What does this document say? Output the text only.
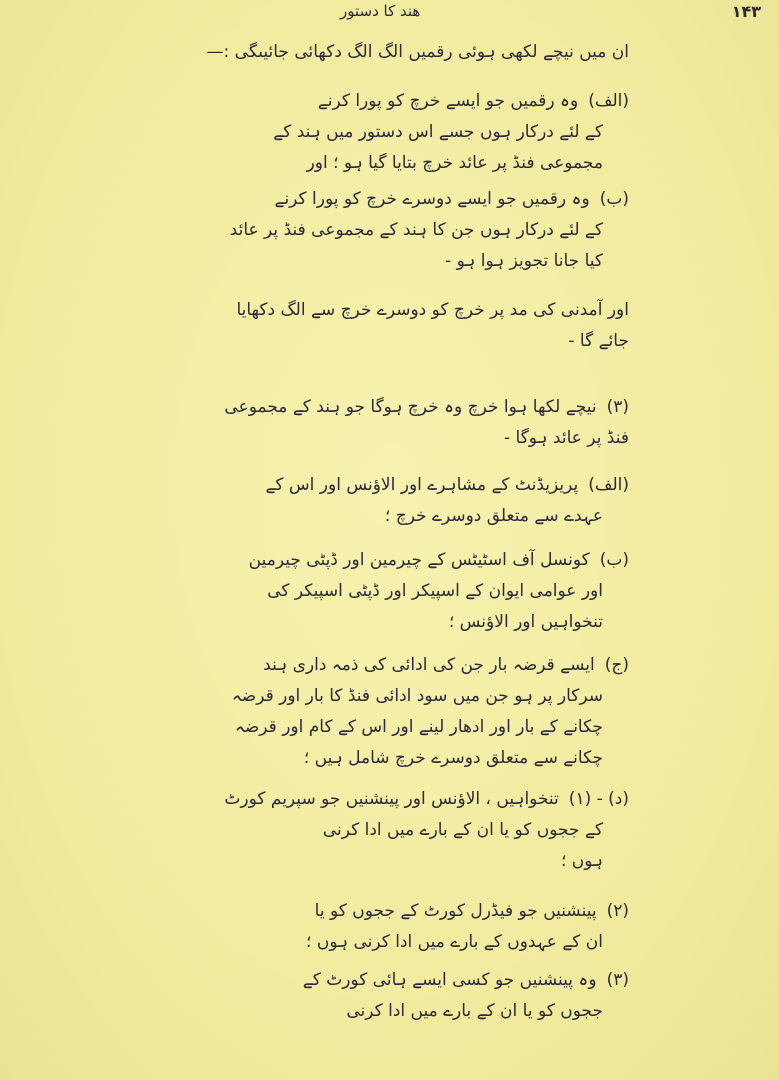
هند کا دستور	۱۴۳
ان میں نیچے لکھی ہوئی رقمیں الگ الگ دکھائی جائیںگی :—

(الف)وہ رقمیں جو ایسے خرچ کو پورا کرنے

کے لئے درکار ہوں جسے اس دستور میں ہند کے

مجموعی فنڈ پر عائد خرچ بتایا گیا ہو ؛ اور

(ب)وہ رقمیں جو ایسے دوسرے خرچ کو پورا کرنے

کے لئے درکار ہوں جن کا ہند کے مجموعی فنڈ پر عائد

کیا جانا تجویز ہوا ہو -

اور آمدنی کی مد پر خرچ کو دوسرے خرچ سے الگ دکھایا

جائے گا -

(۳)نیچے لکھا ہوا خرچ وہ خرچ ہوگا جو ہند کے مجموعی

فنڈ پر عائد ہوگا -

(الف)پریزیڈنٹ کے مشاہرے اور الاؤنس اور اس کے

عہدے سے متعلق دوسرے خرچ ؛

(ب)کونسل آف اسٹیٹس کے چیرمین اور ڈپٹی چیرمین

اور عوامی ایوان کے اسپیکر اور ڈپٹی اسپیکر کی

تنخواہیں اور الاؤنس ؛

(ج)ایسے قرضہ بار جن کی ادائی کی ذمہ داری ہند

سرکار پر ہو جن میں سود ادائی فنڈ کا بار اور قرضہ

چکانے کے بار اور ادھار لینے اور اس کے کام اور قرضہ

چکانے سے متعلق دوسرے خرچ شامل ہیں ؛

(د) - (۱)تنخواہیں ، الاؤنس اور پینشنیں جو سپریم کورٹ

کے ججوں کو یا ان کے بارے میں ادا کرنی

ہوں ؛

(۲)پینشنیں جو فیڈرل کورٹ کے ججوں کو یا

ان کے عہدوں کے بارے میں ادا کرنی ہوں ؛

(۳)وہ پینشنیں جو کسی ایسے ہائی کورٹ کے

ججوں کو یا ان کے بارے میں ادا کرنی
